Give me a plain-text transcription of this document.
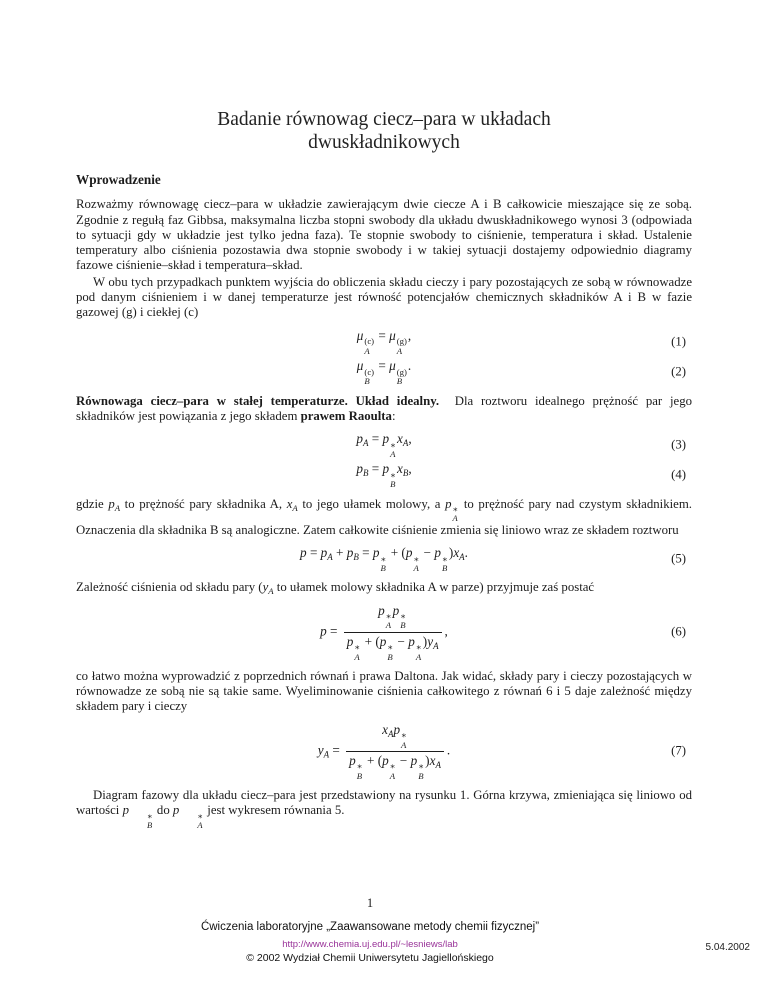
Badanie równowag ciecz–para w układach dwuskładnikowych
Wprowadzenie

Rozważmy równowagę ciecz–para w układzie zawierającym dwie ciecze A i B całkowicie mieszające się ze sobą. Zgodnie z regułą faz Gibbsa, maksymalna liczba stopni swobody dla układu dwuskładnikowego wynosi 3 (odpowiada to sytuacji gdy w układzie jest tylko jedna faza). Te stopnie swobody to ciśnienie, temperatura i skład. Ustalenie temperatury albo ciśnienia pozostawia dwa stopnie swobody i w takiej sytuacji dostajemy odpowiednio diagramy fazowe ciśnienie–skład i temperatura–skład.

W obu tych przypadkach punktem wyjścia do obliczenia składu cieczy i pary pozostających ze sobą w równowadze pod danym ciśnieniem i w danej temperaturze jest równość potencjałów chemicznych składników A i B w fazie gazowej (g) i ciekłej (c)

μ (c)
A
= μ (g)
A
,	(1)
μ (c)
B
= μ (g)
B
.	(2)

Równowaga ciecz–para w stałej temperaturze. Układ idealny.  Dla roztworu idealnego prężność par jego składników jest powiązania z jego składem prawem Raoulta:

$p_A = p$ ∗
A
$x_A$,	(3)
$p_B = p$ ∗
B
$x_B$,	(4)

gdzie $p_A$ to prężność pary składnika A, $x_A$ to jego ułamek molowy, a p ∗
A
to prężność pary nad czystym składnikiem. Oznaczenia dla składnika B są analogiczne. Zatem całkowite ciśnienie zmienia się liniowo wraz ze składem roztworu

$p = p_A + p_B = p$ ∗
B
+ (p ∗
A
− p ∗
B
)$x_A$.	(5)

Zależność ciśnienia od składu pary ($y_A$ to ułamek molowy składnika A w parze) przyjmuje zaś postać

p = p ∗
A
p ∗
B
p ∗
A
+ (p ∗
B
− p ∗
A
)$y_A$ ,	(6)

co łatwo można wyprowadzić z poprzednich równań i prawa Daltona. Jak widać, składy pary i cieczy pozostających w równowadze ze sobą nie są takie same. Wyeliminowanie ciśnienia całkowitego z równań 6 i 5 daje zależność między składem pary i cieczy

$y_A = x_Ap$ ∗
A
p ∗
B
+ (p ∗
A
− p ∗
B
)$x_A$ .	(7)

Diagram fazowy dla układu ciecz–para jest przedstawiony na rysunku 1. Górna krzywa, zmieniająca się liniowo od wartości p	∗
B
do p	∗
A
jest wykresem równania 5.

1
Ćwiczenia laboratoryjne „Zaawansowane metody chemii fizycznej”
http://www.chemia.uj.edu.pl/~lesniews/lab
© 2002 Wydział Chemii Uniwersytetu Jagiellońskiego
5.04.2002
